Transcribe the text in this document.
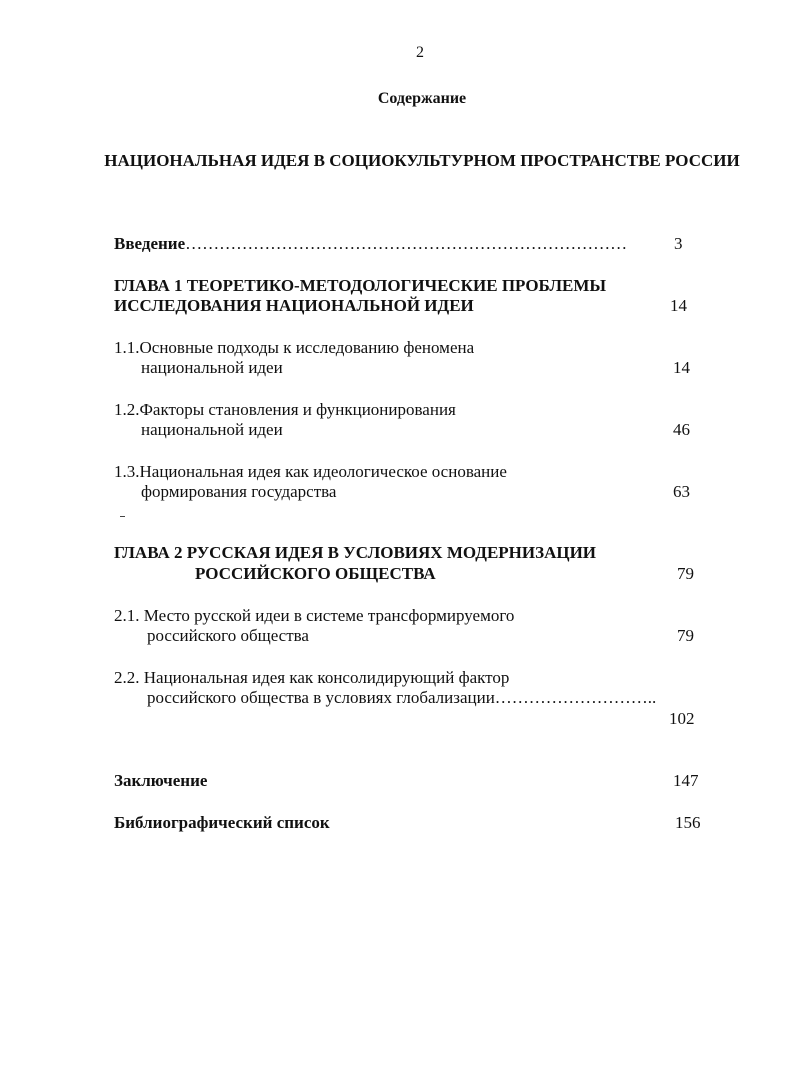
2
Содержание
НАЦИОНАЛЬНАЯ ИДЕЯ В СОЦИОКУЛЬТУРНОМ ПРОСТРАНСТВЕ РОССИИ
Введение……………………………………………………………………	3
ГЛАВА 1 ТЕОРЕТИКО-МЕТОДОЛОГИЧЕСКИЕ ПРОБЛЕМЫ
ИССЛЕДОВАНИЯ НАЦИОНАЛЬНОЙ ИДЕИ	14
1.1.Основные подходы к исследованию феномена
национальной идеи	14
1.2.Факторы становления и функционирования
национальной идеи	46
1.3.Национальная идея как идеологическое основание
формирования государства	63
ГЛАВА 2 РУССКАЯ ИДЕЯ В УСЛОВИЯХ МОДЕРНИЗАЦИИ
РОССИЙСКОГО ОБЩЕСТВА	79
2.1. Место русской идеи в системе трансформируемого
российского общества	79
2.2. Национальная идея как консолидирующий фактор
российского общества в условиях глобализации………………………..
102
Заключение	147
Библиографический список	156
